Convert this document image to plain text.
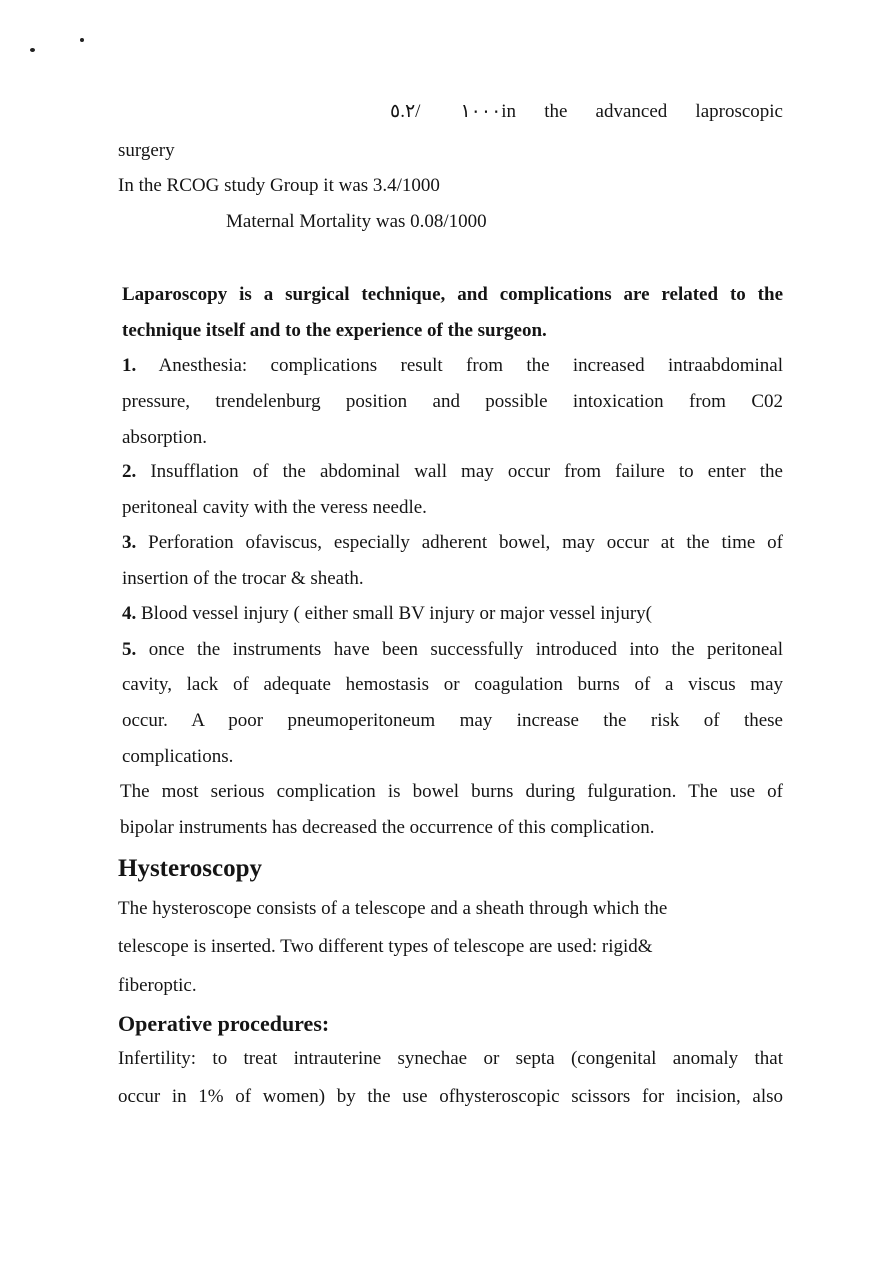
٥.٢/ ١٠٠٠ in the advanced laproscopic
surgery
In the RCOG study Group it was 3.4/1000
Maternal Mortality was 0.08/1000
Laparoscopy is a surgical technique, and complications are related to the
technique itself and to the experience of the surgeon.
1. Anesthesia: complications result from the increased intraabdominal
pressure, trendelenburg position and possible intoxication from C02
absorption.
2. Insufflation of the abdominal wall may occur from failure to enter the
peritoneal cavity with the veress needle.
3. Perforation ofaviscus, especially adherent bowel, may occur at the time of
insertion of the trocar & sheath.
4. Blood vessel injury ( either small BV injury or major vessel injury(
5. once the instruments have been successfully introduced into the peritoneal
cavity, lack of adequate hemostasis or coagulation burns of a viscus may
occur. A poor pneumoperitoneum may increase the risk of these
complications.
The most serious complication is bowel burns during fulguration. The use of
bipolar instruments has decreased the occurrence of this complication.
Hysteroscopy
The hysteroscope consists of a telescope and a sheath through which the
telescope is inserted. Two different types of telescope are used: rigid&
fiberoptic.
Operative procedures:
Infertility: to treat intrauterine synechae or septa (congenital anomaly that
occur in 1% of women) by the use ofhysteroscopic scissors for incision, also
